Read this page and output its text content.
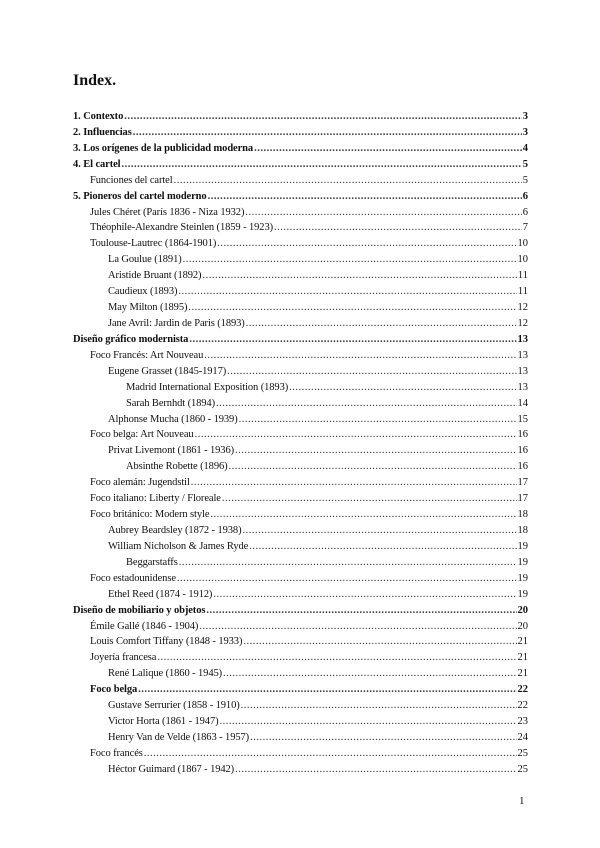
Index.
1. Contexto .....	3
2. Influencias .....	3
3. Los orígenes de la publicidad moderna .....	4
4. El cartel .....	5
Funciones del cartel .....	5
5. Pioneros del cartel moderno .....	6
Jules Chéret (París 1836 - Niza 1932) .....	6
Théophile-Alexandre Steinlen (1859 - 1923) .....	7
Toulouse-Lautrec (1864-1901) .....	10
La Goulue (1891) .....	10
Aristide Bruant (1892) .....	11
Caudieux (1893) .....	11
May Milton (1895) .....	12
Jane Avril: Jardin de Paris (1893) .....	12
Diseño gráfico modernista .....	13
Foco Francés: Art Nouveau .....	13
Eugene Grasset (1845-1917) .....	13
Madrid International Exposition (1893) .....	13
Sarah Bernhdt (1894) .....	14
Alphonse Mucha (1860 - 1939) .....	15
Foco belga: Art Nouveau .....	16
Privat Livemont (1861 - 1936) .....	16
Absinthe Robette (1896) .....	16
Foco alemán: Jugendstil .....	17
Foco italiano: Liberty / Floreale .....	17
Foco británico: Modern style .....	18
Aubrey Beardsley (1872 - 1938) .....	18
William Nicholson & James Ryde .....	19
Beggarstaffs .....	19
Foco estadounidense .....	19
Ethel Reed (1874 - 1912) .....	19
Diseño de mobiliario y objetos .....	20
Émile Gallé (1846 - 1904) .....	20
Louis Comfort Tiffany (1848 - 1933) .....	21
Joyería francesa .....	21
René Lalique (1860 - 1945) .....	21
Foco belga .....	22
Gustave Serrurier (1858 - 1910) .....	22
Victor Horta (1861 - 1947) .....	23
Henry Van de Velde (1863 - 1957) .....	24
Foco francés .....	25
Héctor Guimard (1867 - 1942) .....	25
1
